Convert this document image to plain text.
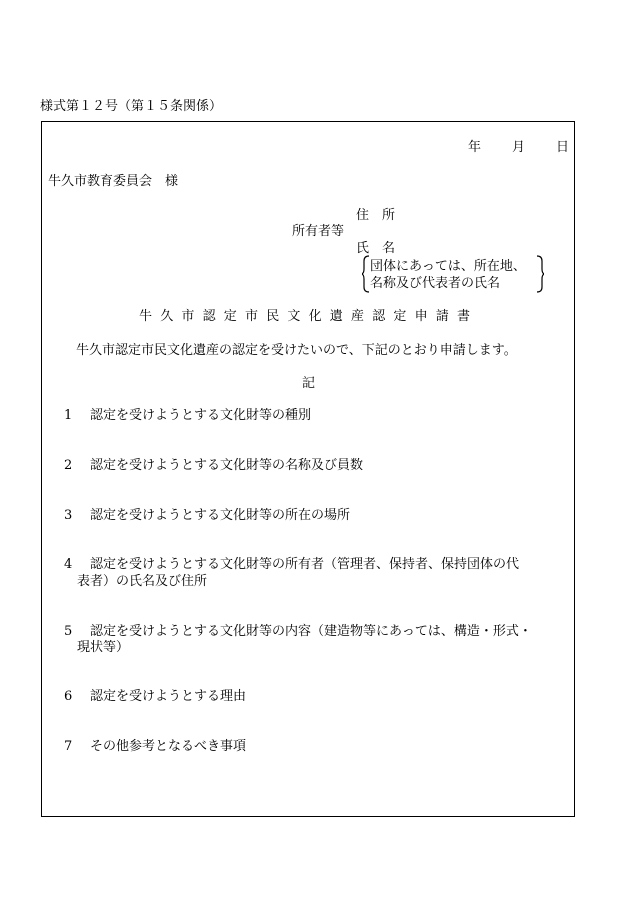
様式第１２号（第１５条関係）
年 月 日
牛久市教育委員会　様
住　所
所有者等
氏　名
団体にあっては、所在地、
名称及び代表者の氏名
牛久市認定市民文化遺産認定申請書
牛久市認定市民文化遺産の認定を受けたいので、下記のとおり申請します。
記
1 認定を受けようとする文化財等の種別
2 認定を受けようとする文化財等の名称及び員数
3 認定を受けようとする文化財等の所在の場所
4 認定を受けようとする文化財等の所有者（管理者、保持者、保持団体の代
表者）の氏名及び住所
5 認定を受けようとする文化財等の内容（建造物等にあっては、構造・形式・
現状等）
6 認定を受けようとする理由
7 その他参考となるべき事項
